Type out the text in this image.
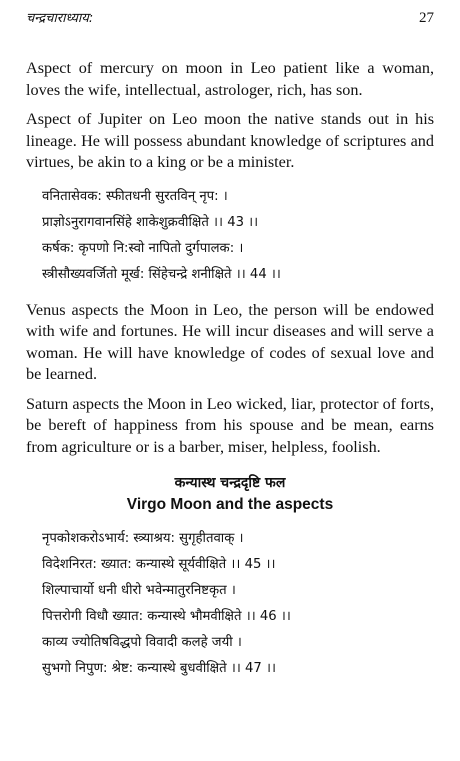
चन्द्रचाराध्याय:	27

Aspect of mercury on moon in Leo patient like a woman, loves the wife, intellectual, astrologer, rich, has son.

Aspect of Jupiter on Leo moon the native stands out in his lineage. He will possess abundant knowledge of scriptures and virtues, be akin to a king or be a minister.

वनितासेवक: स्फीतधनी सुरतविन् नृप: ।
प्राज्ञोऽनुरागवानसिंहे शाकेशुक्रवीक्षिते ।। 43 ।।
कर्षक: कृपणो नि:स्वो नापितो दुर्गपालक: ।
स्त्रीसौख्यवर्जितो मूर्ख: सिंहेचन्द्रे शनीक्षिते ।। 44 ।।

Venus aspects the Moon in Leo, the person will be endowed with wife and fortunes. He will incur diseases and will serve a woman. He will have knowledge of codes of sexual love and be learned.

Saturn aspects the Moon in Leo wicked, liar, protector of forts, be bereft of happiness from his spouse and be mean, earns from agriculture or is a barber, miser, helpless, foolish.

कन्यास्थ चन्द्रदृष्टि फल
Virgo Moon and the aspects
नृपकोशकरोऽभार्य: स्त्र्याश्रय: सुगृहीतवाक् ।
विदेशनिरत: ख्यात: कन्यास्थे सूर्यवीक्षिते ।। 45 ।।
शिल्पाचार्यो धनी धीरो भवेन्मातुरनिष्टकृत ।
पित्तरोगी विधौ ख्यात: कन्यास्थे भौमवीक्षिते ।। 46 ।।
काव्य ज्योतिषविद्धपो विवादी कलहे जयी ।
सुभगो निपुण: श्रेष्ट: कन्यास्थे बुधवीक्षिते ।। 47 ।।
